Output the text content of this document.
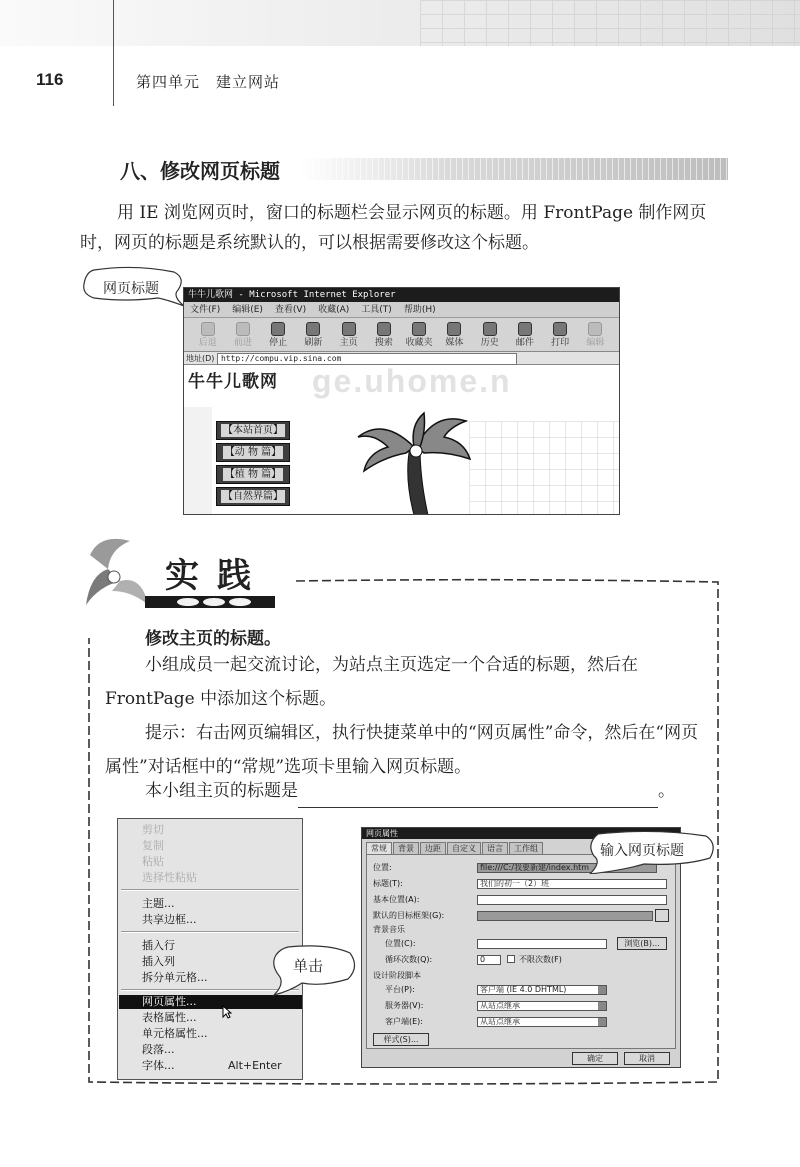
116	第四单元　建立网站
八、修改网页标题
用 IE 浏览网页时，窗口的标题栏会显示网页的标题。用 FrontPage 制作网页时，网页的标题是系统默认的，可以根据需要修改这个标题。
网页标题	牛牛儿歌网 - Microsoft Internet Explorer
文件(F) 编辑(E) 查看(V) 收藏(A) 工具(T) 帮助(H)
后退	前进	停止	刷新	主页	搜索	收藏夹	媒体	历史	邮件	打印	编辑
地址(D) http://compu.vip.sina.com
ge.uhome.n
牛牛儿歌网
【本站首页】
【动 物 篇】
【植 物 篇】
【自然界篇】
实践
修改主页的标题。
小组成员一起交流讨论，为站点主页选定一个合适的标题，然后在 FrontPage 中添加这个标题。
提示：右击网页编辑区，执行快捷菜单中的“网页属性”命令，然后在“网页属性”对话框中的“常规”选项卡里输入网页标题。
本小组主页的标题是	。
剪切
复制
粘贴
选择性粘贴
主题...
共享边框...
插入行
插入列
拆分单元格...
网页属性...
表格属性...
单元格属性...
段落...
字体...	Alt+Enter
单击
网页属性
常规	背景	边距	自定义	语言	工作组
位置:	file:///C:/我要新建/index.htm
标题(T):	我们的初一（2）班
基本位置(A):
默认的目标框架(G):
背景音乐
位置(C):	浏览(B)...
循环次数(Q):	0	不限次数(F)
设计阶段脚本
平台(P):	客户端 (IE 4.0 DHTML)
服务器(V):	从站点继承
客户端(E):	从站点继承
样式(S)...
确定	取消
输入网页标题
